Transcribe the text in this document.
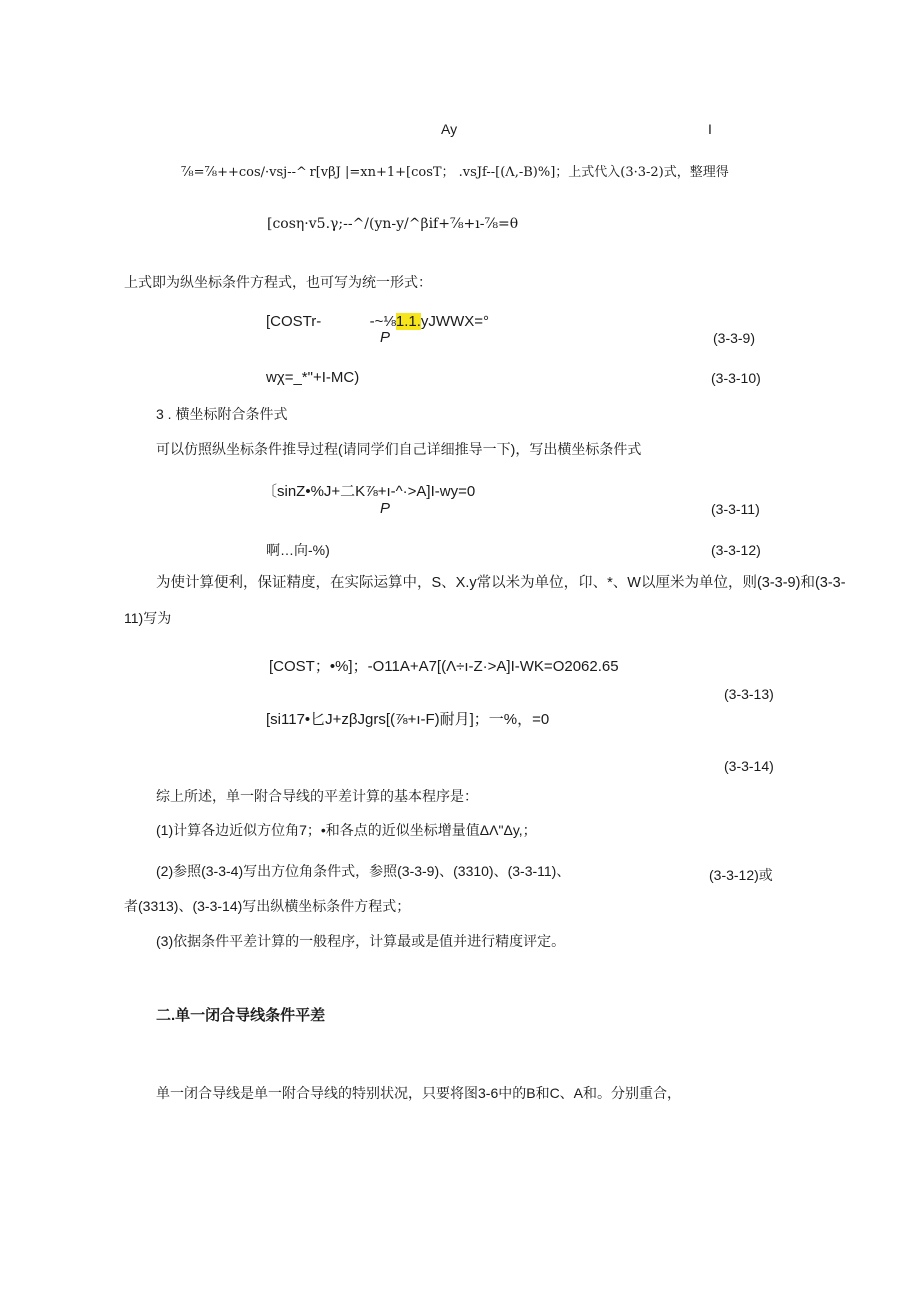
Ay	I
⅞=⅞++cos/·vsj--^ r[vβJ |=xn+1+[cosT； .vsJf--[(Λ,-B)%]；上式代入(3·3-2)式，整理得
[cosη·v5.γ;--^/(yn-y/^βif+⅞+ı-⅞=θ
上式即为纵坐标条件方程式，也可写为统一形式：
[COSTr-	-~⅛1.1.yJWWX=°
P	(3-3-9)
wχ=_*"+I-MC)	(3-3-10)
3 . 横坐标附合条件式
可以仿照纵坐标条件推导过程(请同学们自己详细推导一下)，写出横坐标条件式
〔sinZ•%J+二K⅞+ı-^·>A]I-wy=0
P	(3-3-11)
啊…向-%)	(3-3-12)
为使计算便利，保证精度，在实际运算中，S、X.y常以米为单位，卬、*、W以厘米为单位，则(3-3-9)和(3-3-
11)写为
[COST；•%]；-O11A+A7[(Λ÷ı-Z·>A]I-WK=O2062.65
(3-3-13)
[si117•匕J+zβJgrs[(⅞+ı-F)耐月]；一%，=0
(3-3-14)
综上所述，单一附合导线的平差计算的基本程序是：
(1)计算各边近似方位角7；•和各点的近似坐标增量值ΔΛ"Δy,；
(2)参照(3-3-4)写出方位角条件式，参照(3-3-9)、(3310)、(3-3-11)、	(3-3-12)或
者(3313)、(3-3-14)写出纵横坐标条件方程式；
(3)依据条件平差计算的一般程序，计算最或是值并进行精度评定。
二.单一闭合导线条件平差
单一闭合导线是单一附合导线的特别状况，只要将图3-6中的B和C、A和。分别重合，
